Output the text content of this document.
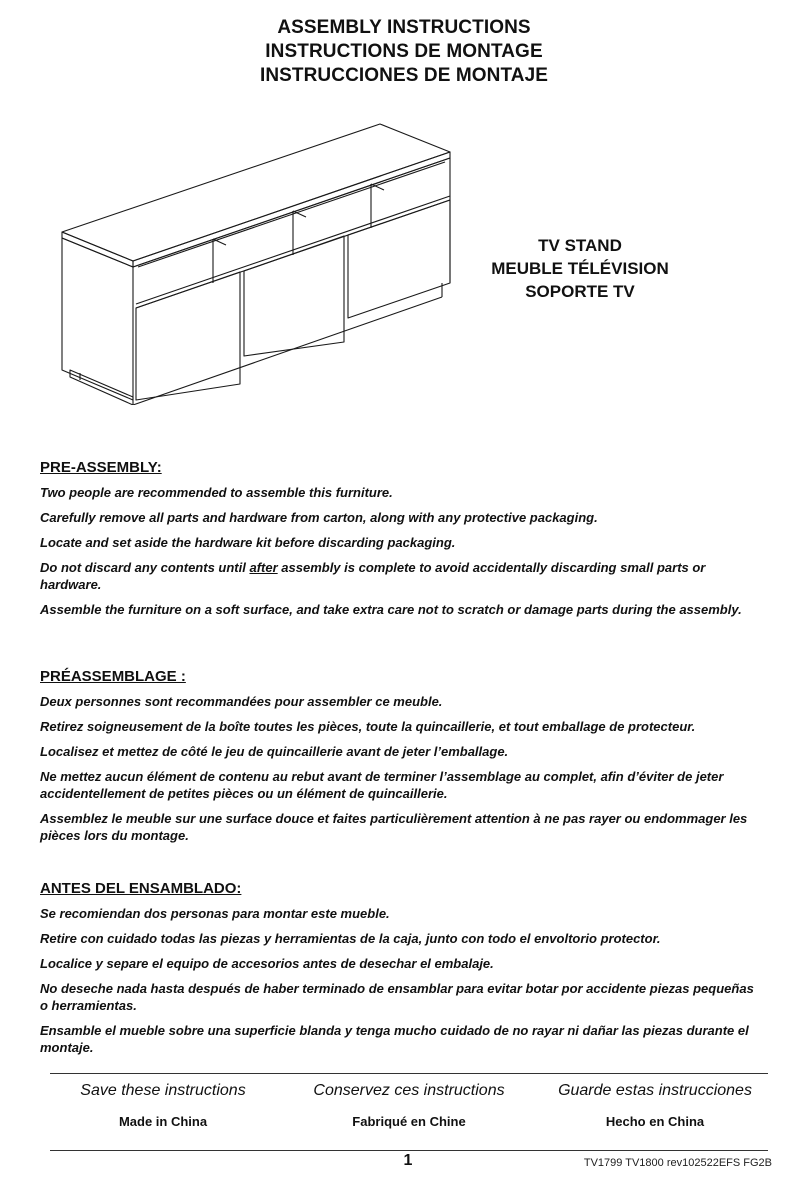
ASSEMBLY INSTRUCTIONS
INSTRUCTIONS DE MONTAGE
INSTRUCCIONES DE MONTAJE
TV STAND
MEUBLE TÉLÉVISION
SOPORTE TV
PRE-ASSEMBLY:

Two people are recommended to assemble this furniture.

Carefully remove all parts and hardware from carton, along with any protective packaging.

Locate and set aside the hardware kit before discarding packaging.

Do not discard any contents until after assembly is complete to avoid accidentally discarding small parts or hardware.

Assemble the furniture on a soft surface, and take extra care not to scratch or damage parts during the assembly.

PRÉASSEMBLAGE :

Deux personnes sont recommandées pour assembler ce meuble.

Retirez soigneusement de la boîte toutes les pièces, toute la quincaillerie, et tout emballage de protecteur.

Localisez et mettez de côté le jeu de quincaillerie avant de jeter l’emballage.

Ne mettez aucun élément de contenu au rebut avant de terminer l’assemblage au complet, afin d’éviter de jeter accidentellement de petites pièces ou un élément de quincaillerie.

Assemblez le meuble sur une surface douce et faites particulièrement attention à ne pas rayer ou endommager les pièces lors du montage.

ANTES DEL ENSAMBLADO:

Se recomiendan dos personas para montar este mueble.

Retire con cuidado todas las piezas y herramientas de la caja, junto con todo el envoltorio protector.

Localice y separe el equipo de accesorios antes de desechar el embalaje.

No deseche nada hasta después de haber terminado de ensamblar para evitar botar por accidente piezas pequeñas o herramientas.

Ensamble el mueble sobre una superficie blanda y tenga mucho cuidado de no rayar ni dañar las piezas durante el montaje.

Save these instructions	Conservez ces instructions	Guarde estas instrucciones
Made in China	Fabriqué en Chine	Hecho en China
1	TV1799 TV1800 rev102522EFS FG2B
